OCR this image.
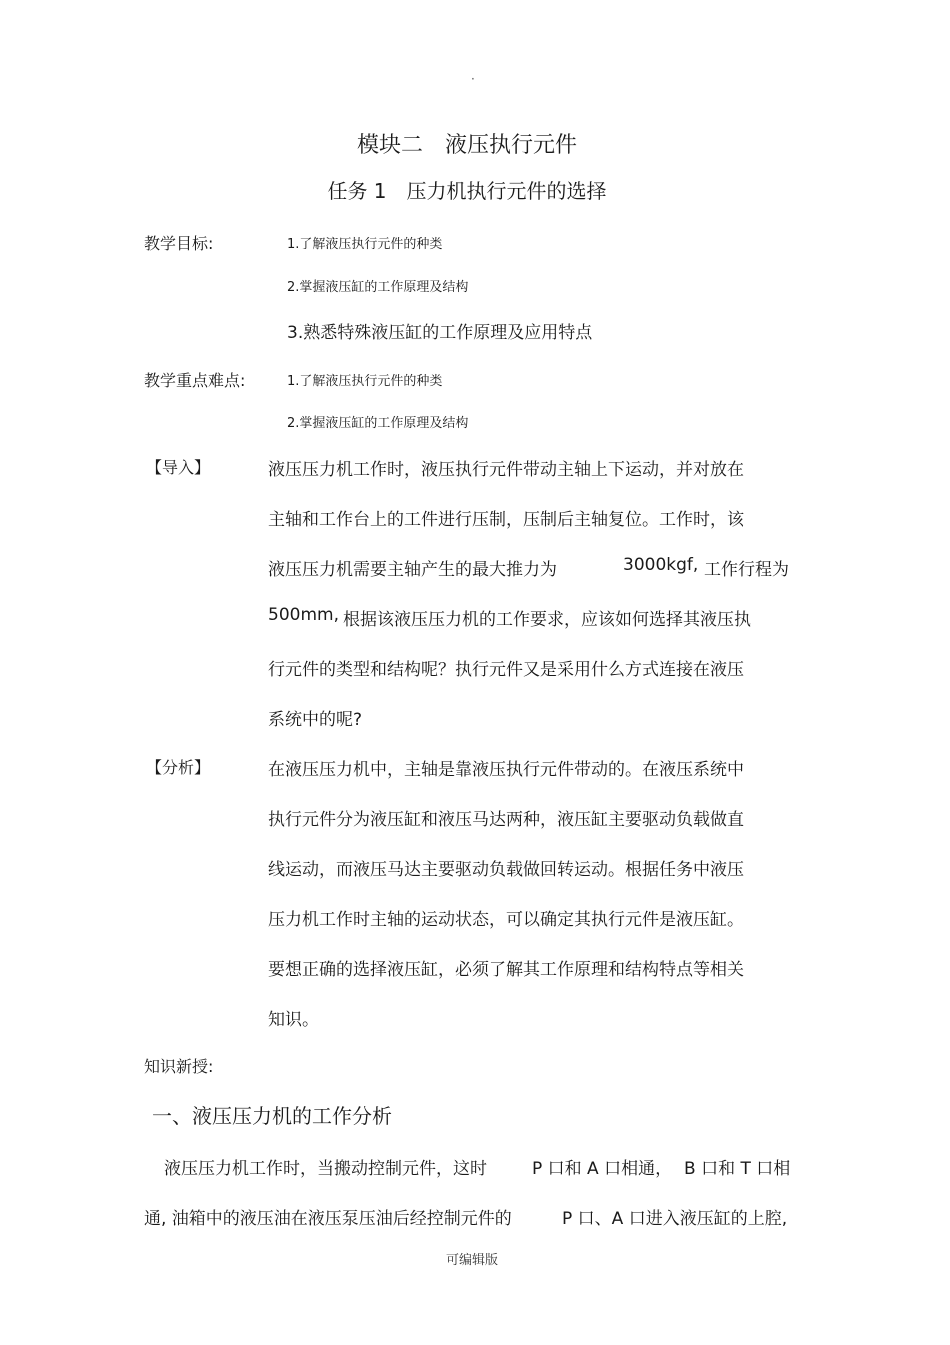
·
模块二　液压执行元件
任务 1　压力机执行元件的选择
教学目标:	1.了解液压执行元件的种类
2.掌握液压缸的工作原理及结构
3.熟悉特殊液压缸的工作原理及应用特点
教学重点难点:	1.了解液压执行元件的种类
2.掌握液压缸的工作原理及结构
【导入】	液压压力机工作时，液压执行元件带动主轴上下运动，并对放在
主轴和工作台上的工件进行压制，压制后主轴复位。工作时，该
液压压力机需要主轴产生的最大推力为	3000kgf, 工作行程为
500mm, 根据该液压压力机的工作要求，应该如何选择其液压执
行元件的类型和结构呢？执行元件又是采用什么方式连接在液压
系统中的呢?
【分析】	在液压压力机中，主轴是靠液压执行元件带动的。在液压系统中
执行元件分为液压缸和液压马达两种，液压缸主要驱动负载做直
线运动，而液压马达主要驱动负载做回转运动。根据任务中液压
压力机工作时主轴的运动状态，可以确定其执行元件是液压缸。
要想正确的选择液压缸，必须了解其工作原理和结构特点等相关
知识。
知识新授:
一、液压压力机的工作分析
液压压力机工作时，当搬动控制元件，这时	P 口和 A 口相通， B 口和 T 口相
通, 油箱中的液压油在液压泵压油后经控制元件的	P 口、A 口进入液压缸的上腔,
可编辑版
